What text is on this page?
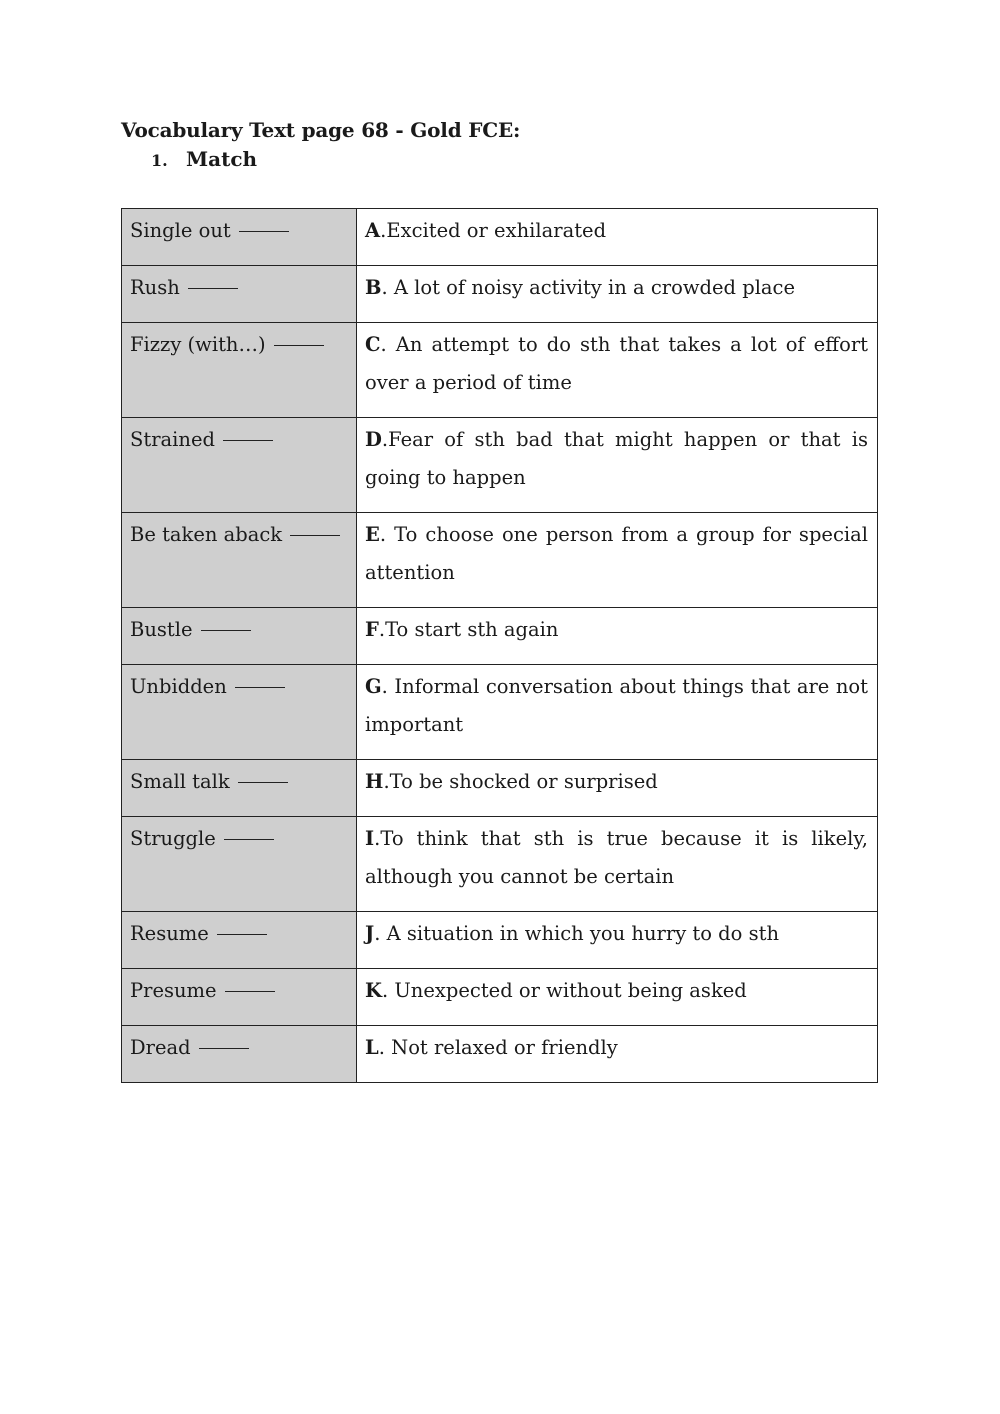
Vocabulary Text page 68 - Gold FCE:
1. Match
Single out	A.Excited or exhilarated
Rush	B. A lot of noisy activity in a crowded place
Fizzy (with…)	C. An attempt to do sth that takes a lot of effort over a period of time
Strained	D.Fear of sth bad that might happen or that is going to happen
Be taken aback	E. To choose one person from a group for special attention
Bustle	F.To start sth again
Unbidden	G. Informal conversation about things that are not important
Small talk	H.To be shocked or surprised
Struggle	I.To think that sth is true because it is likely, although you cannot be certain
Resume	J. A situation in which you hurry to do sth
Presume	K. Unexpected or without being asked
Dread	L. Not relaxed or friendly
